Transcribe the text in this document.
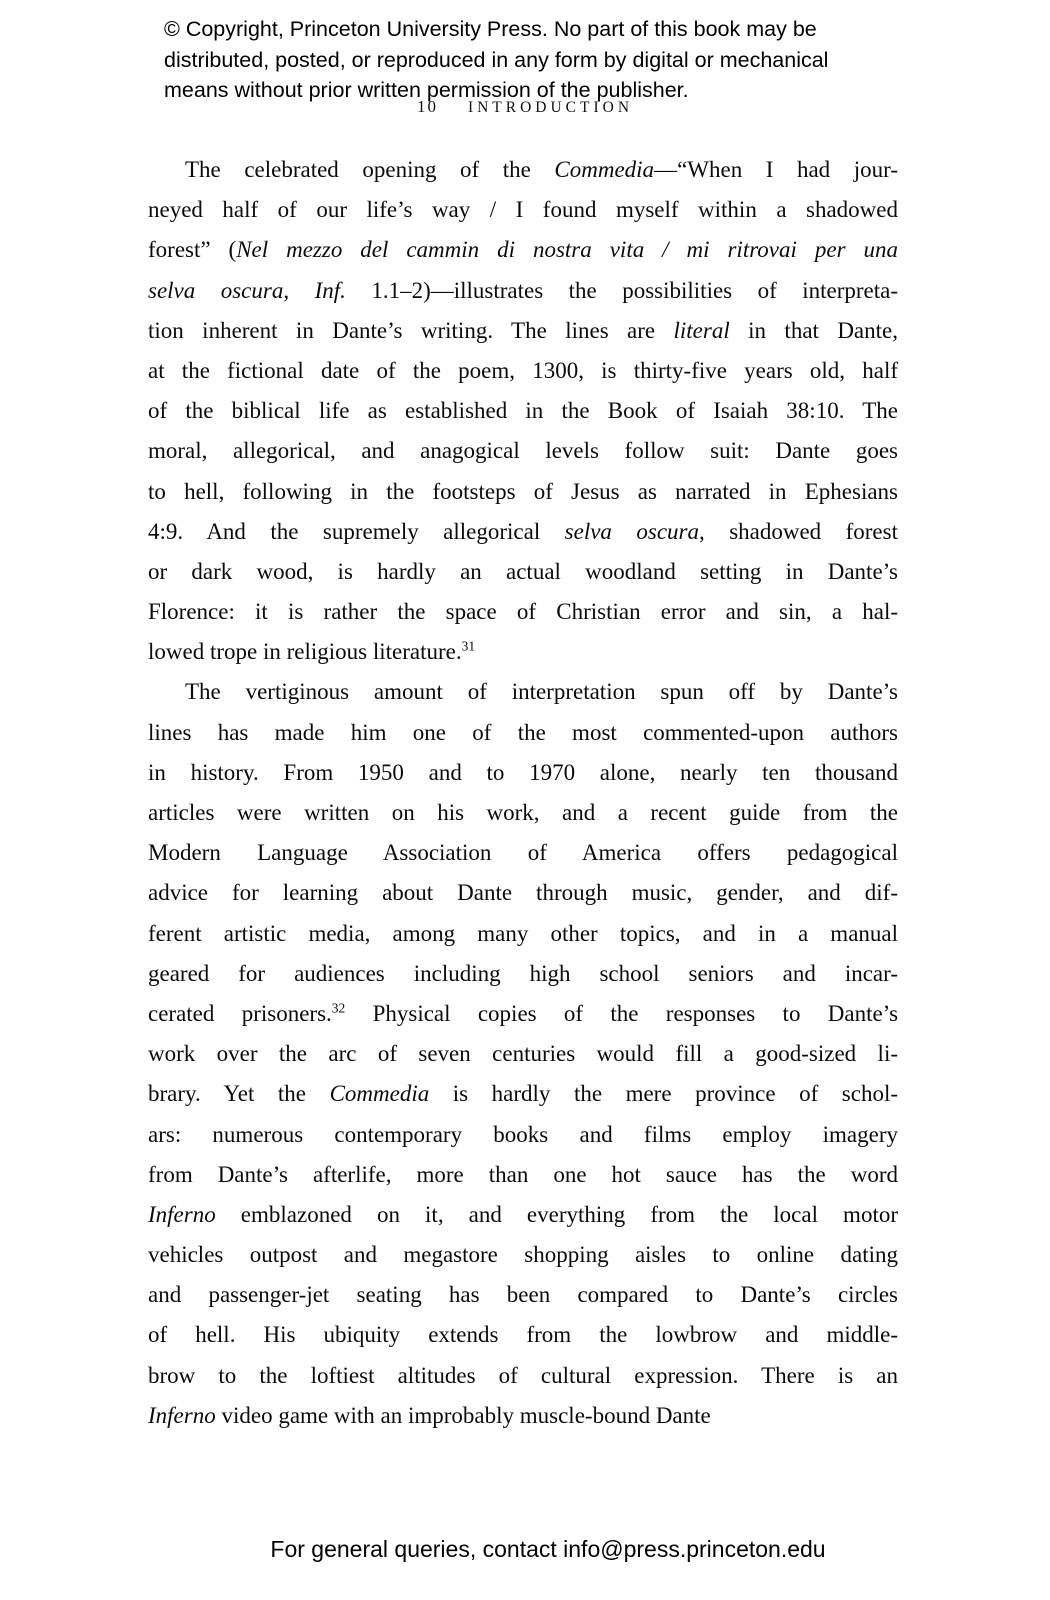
© Copyright, Princeton University Press. No part of this book may be
distributed, posted, or reproduced in any form by digital or mechanical
means without prior written permission of the publisher.
10 INTRODUCTION
The celebrated opening of the Commedia—“When I had jour-
neyed half of our life’s way / I found myself within a shadowed
forest” (Nel mezzo del cammin di nostra vita / mi ritrovai per una
selva oscura, Inf. 1.1–2)—illustrates the possibilities of interpreta-
tion inherent in Dante’s writing. The lines are literal in that Dante,
at the fictional date of the poem, 1300, is thirty-five years old, half
of the biblical life as established in the Book of Isaiah 38:10. The
moral, allegorical, and anagogical levels follow suit: Dante goes
to hell, following in the footsteps of Jesus as narrated in Ephesians
4:9. And the supremely allegorical selva oscura, shadowed forest
or dark wood, is hardly an actual woodland setting in Dante’s
Florence: it is rather the space of Christian error and sin, a hal-
lowed trope in religious literature.$^{31}$
The vertiginous amount of interpretation spun off by Dante’s
lines has made him one of the most commented-upon authors
in history. From 1950 and to 1970 alone, nearly ten thousand
articles were written on his work, and a recent guide from the
Modern Language Association of America offers pedagogical
advice for learning about Dante through music, gender, and dif-
ferent artistic media, among many other topics, and in a manual
geared for audiences including high school seniors and incar-
cerated prisoners.$^{32}$ Physical copies of the responses to Dante’s
work over the arc of seven centuries would fill a good-sized li-
brary. Yet the Commedia is hardly the mere province of schol-
ars: numerous contemporary books and films employ imagery
from Dante’s afterlife, more than one hot sauce has the word
Inferno emblazoned on it, and everything from the local motor
vehicles outpost and megastore shopping aisles to online dating
and passenger-jet seating has been compared to Dante’s circles
of hell. His ubiquity extends from the lowbrow and middle-
brow to the loftiest altitudes of cultural expression. There is an
Inferno video game with an improbably muscle-bound Dante
For general queries, contact info@press.princeton.edu
